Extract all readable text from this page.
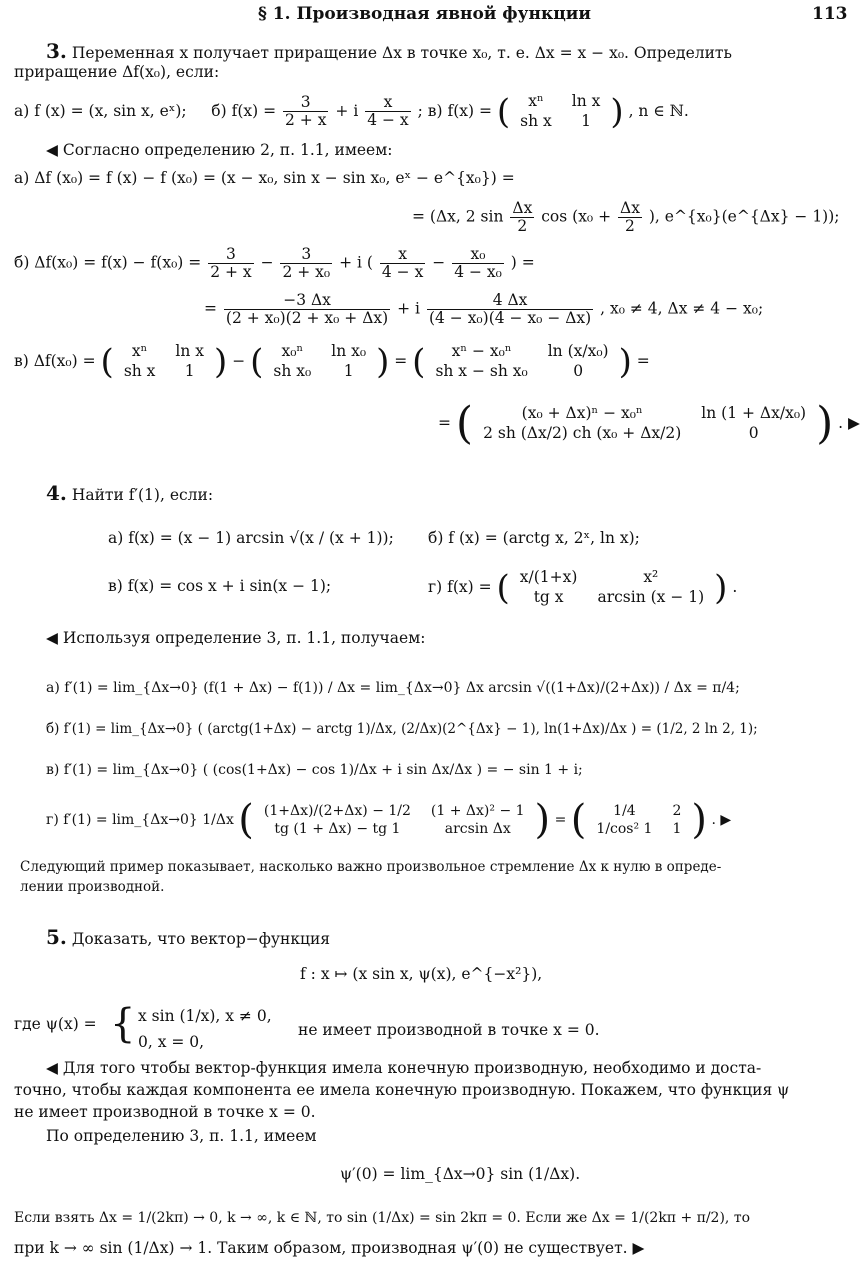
§ 1. Производная явной функции	113
3. Переменная x получает приращение Δx в точке x₀, т. е. Δx = x − x₀. Определить
приращение Δf(x₀), если:
а) f (x) = (x, sin x, eˣ); б) $f(x) = \frac{3}{2 + x} + i \frac{x}{4 - x}$ ; в) f(x) = ( xⁿ	ln x
sh x	1 ) , n ∈ ℕ.
◀ Согласно определению 2, п. 1.1, имеем:
а) Δf (x₀) = f (x) − f (x₀) = (x − x₀, sin x − sin x₀, eˣ − e^{x₀}) =
= (Δx, 2 $\sin \frac{\Delta x}{2}$ $\cos (x_0 + \frac{\Delta x}{2}$ ), e^{x₀}(e^{Δx} − 1));
б) $\Delta f(x_0) = f(x) - f(x_0) = \frac{3}{2 + x} - \frac{3}{\text{2 + x₀}} + i$ ( $\frac{x}{4 - x} - \frac{\text{x₀}}{\text{4 − x₀}}$ ) =
= $\frac{-3 \Delta x}{\text{(2 + x₀)(2 + x₀ + Δx)}} + i \frac{4 \Delta x}{\text{(4 − x₀)(4 − x₀ − Δx)}}$ , x₀ ≠ 4, Δx ≠ 4 − x₀;
в) Δf(x₀) = ( xⁿ	ln x
sh x	1 ) − ( x₀ⁿ	ln x₀
sh x₀	1 ) = ( xⁿ − x₀ⁿ	ln (x/x₀)
sh x − sh x₀	0 ) =
= (	(x₀ + Δx)ⁿ − x₀ⁿ	ln (1 + Δx/x₀)
2 sh (Δx/2) ch (x₀ + Δx/2)	0 ) . ▶
4. Найти f′(1), если:
а) f(x) = (x − 1) arcsin √(x / (x + 1)); б) f (x) = (arctg x, 2ˣ, ln x);
в) f(x) = cos x + i sin(x − 1);	г) f(x) = ( x/(1+x)	x²
tg x	arcsin (x − 1) ) .
◀ Используя определение 3, п. 1.1, получаем:
а) f′(1) = lim_{Δx→0} (f(1 + Δx) − f(1)) / Δx = lim_{Δx→0} Δx arcsin √((1+Δx)/(2+Δx)) / Δx = π/4;
б) f′(1) = lim_{Δx→0} ( (arctg(1+Δx) − arctg 1)/Δx, (2/Δx)(2^{Δx} − 1), ln(1+Δx)/Δx ) = (1/2, 2 ln 2, 1);
в) f′(1) = lim_{Δx→0} ( (cos(1+Δx) − cos 1)/Δx + i sin Δx/Δx ) = − sin 1 + i;
г) f′(1) = lim_{Δx→0} 1/Δx ( (1+Δx)/(2+Δx) − 1/2	(1 + Δx)² − 1
tg (1 + Δx) − tg 1	arcsin Δx ) = ( 1/4	2
1/cos² 1	1 ) . ▶
Следующий пример показывает, насколько важно произвольное стремление Δx к нулю в опреде-
лении производной.
5. Доказать, что вектор−функция
f : x ↦ (x sin x, ψ(x), e^{−x²}),
где ψ(x) = { x sin (1/x), x ≠ 0,
0, x = 0,
не имеет производной в точке x = 0.
◀ Для того чтобы вектор-функция имела конечную производную, необходимо и доста-
точно, чтобы каждая компонента ее имела конечную производную. Покажем, что функция ψ
не имеет производной в точке x = 0.
По определению 3, п. 1.1, имеем
ψ′(0) = lim_{Δx→0} sin (1/Δx).
Если взять Δx = 1/(2kπ) → 0, k → ∞, k ∈ ℕ, то sin (1/Δx) = sin 2kπ = 0. Если же Δx = 1/(2kπ + π/2), то
при k → ∞ sin (1/Δx) → 1. Таким образом, производная ψ′(0) не существует. ▶
